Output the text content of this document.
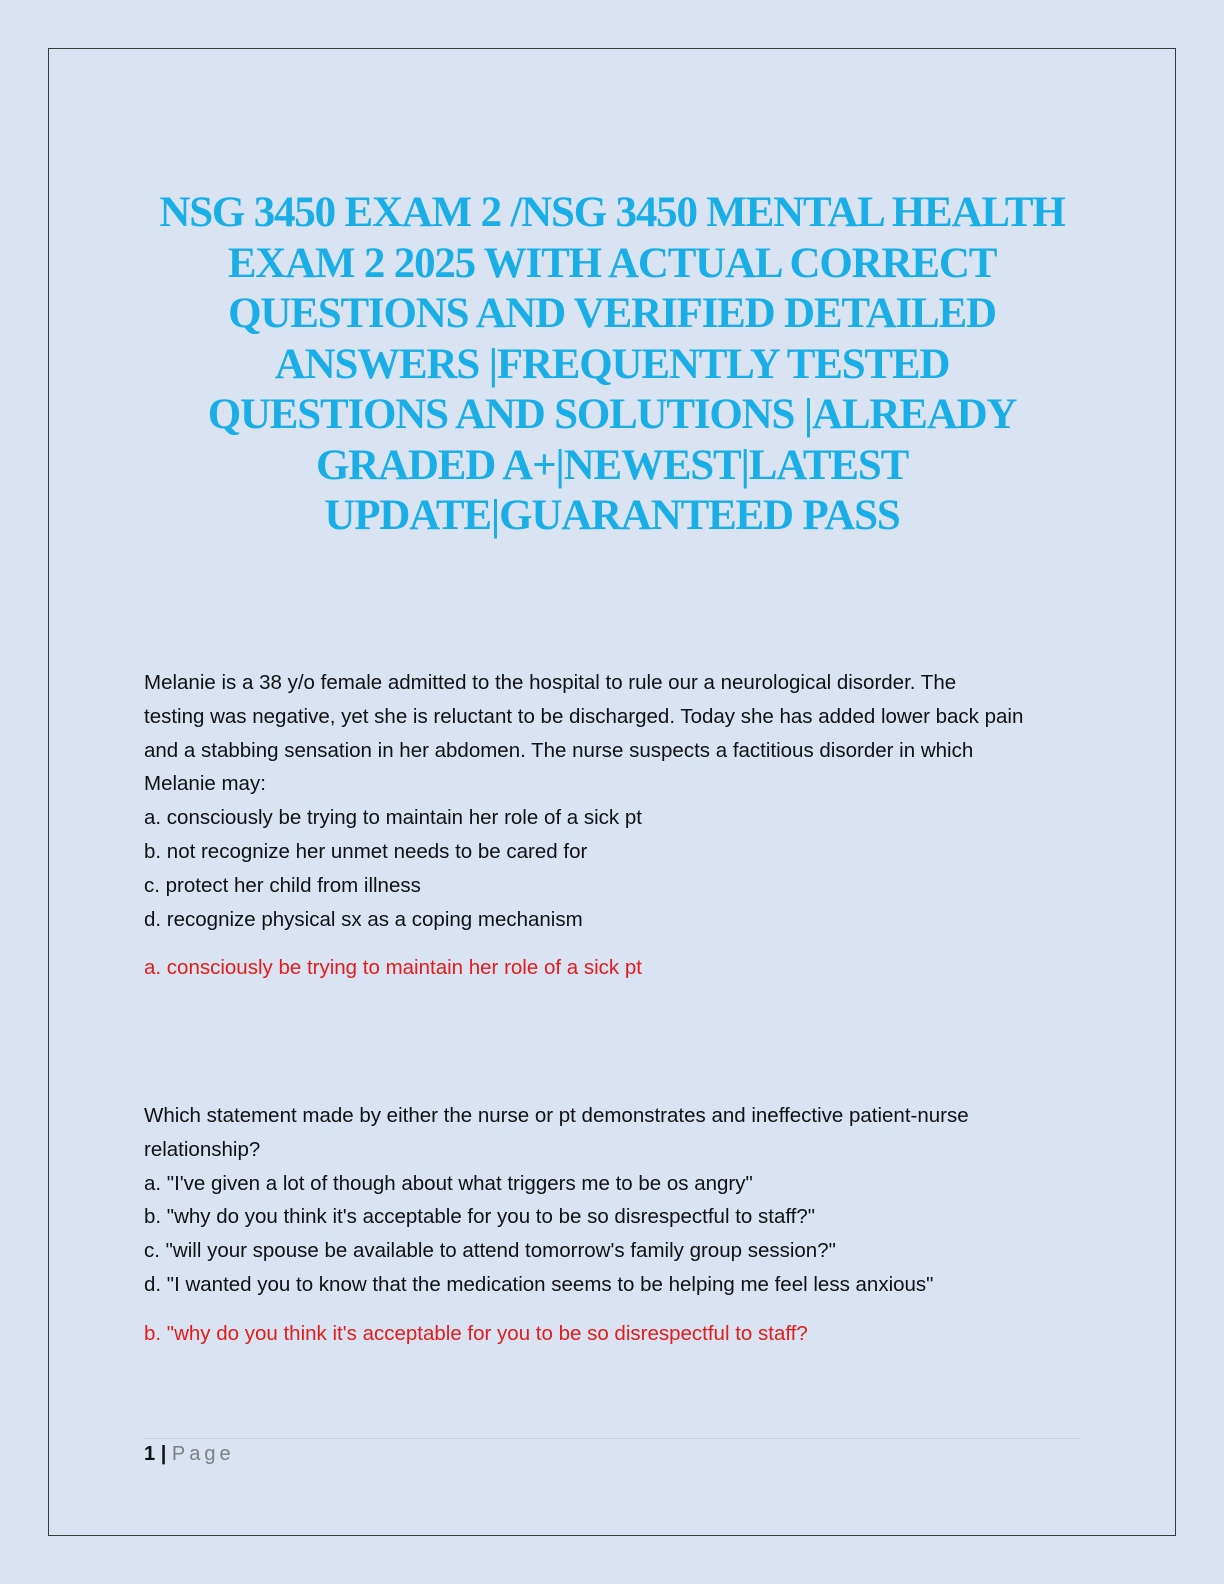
NSG 3450 EXAM 2 /NSG 3450 MENTAL HEALTH
EXAM 2 2025 WITH ACTUAL CORRECT
QUESTIONS AND VERIFIED DETAILED
ANSWERS |FREQUENTLY TESTED
QUESTIONS AND SOLUTIONS |ALREADY
GRADED A+|NEWEST|LATEST
UPDATE|GUARANTEED PASS
Melanie is a 38 y/o female admitted to the hospital to rule our a neurological disorder. The
testing was negative, yet she is reluctant to be discharged. Today she has added lower back pain
and a stabbing sensation in her abdomen. The nurse suspects a factitious disorder in which
Melanie may:
a. consciously be trying to maintain her role of a sick pt
b. not recognize her unmet needs to be cared for
c. protect her child from illness
d. recognize physical sx as a coping mechanism
a. consciously be trying to maintain her role of a sick pt
Which statement made by either the nurse or pt demonstrates and ineffective patient-nurse
relationship?
a. "I've given a lot of though about what triggers me to be os angry"
b. "why do you think it's acceptable for you to be so disrespectful to staff?"
c. "will your spouse be available to attend tomorrow's family group session?"
d. "I wanted you to know that the medication seems to be helping me feel less anxious"
b. "why do you think it's acceptable for you to be so disrespectful to staff?
1 | Page
